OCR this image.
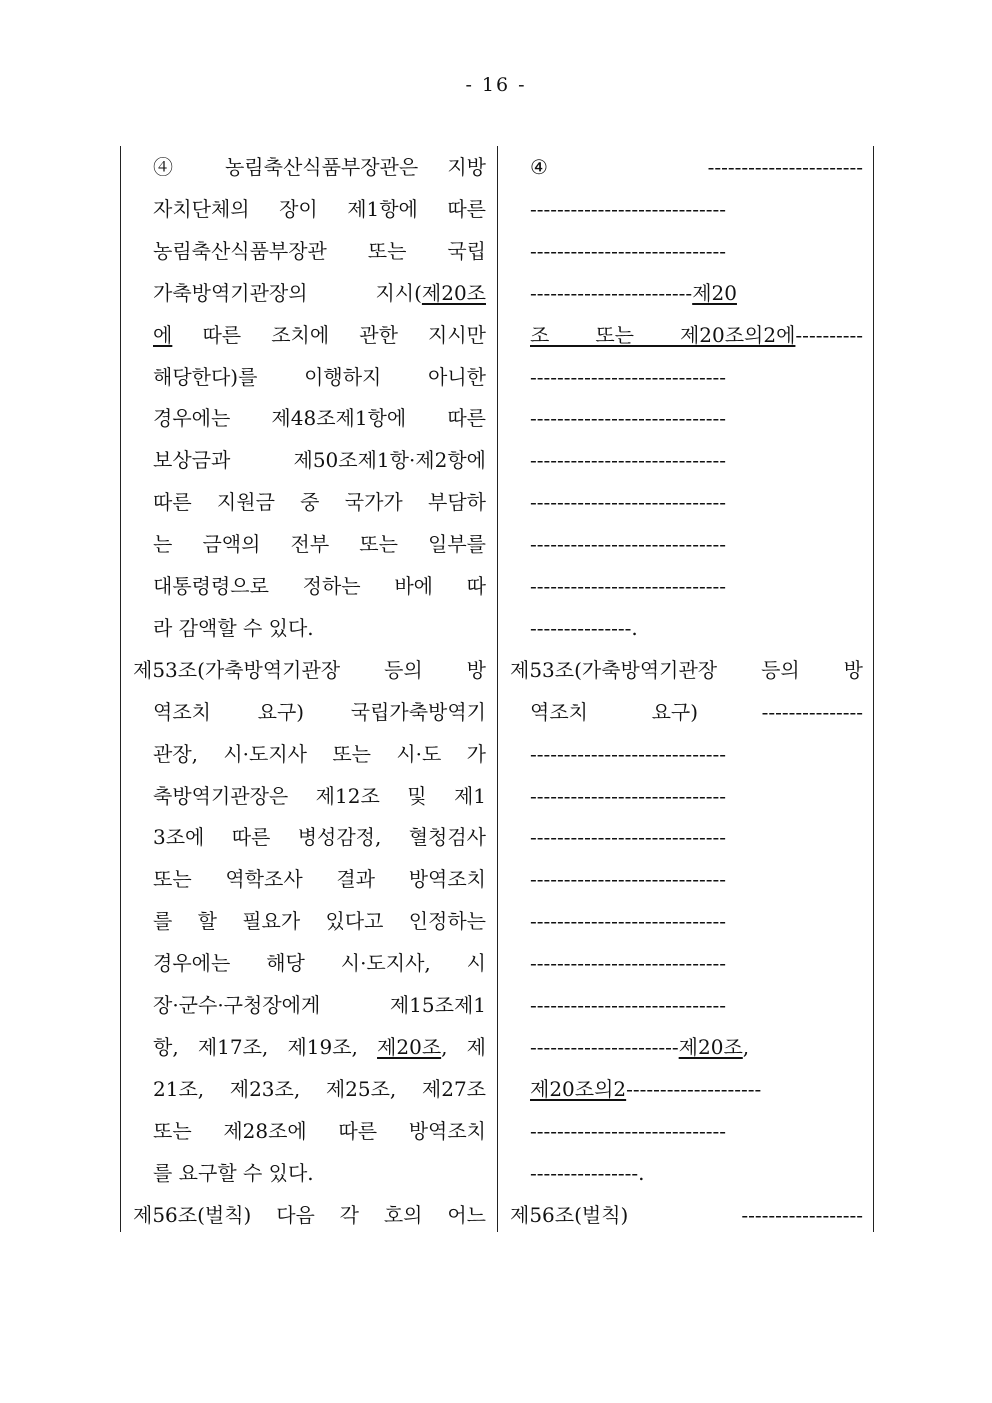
- 16 -
④ 농림축산식품부장관은 지방
자치단체의 장이 제1항에 따른
농림축산식품부장관 또는 국립
가축방역기관장의 지시(제20조
에 따른 조치에 관한 지시만
해당한다)를 이행하지 아니한
경우에는 제48조제1항에 따른
보상금과 제50조제1항·제2항에
따른 지원금 중 국가가 부담하
는 금액의 전부 또는 일부를
대통령령으로 정하는 바에 따
라 감액할 수 있다.
제53조(가축방역기관장 등의 방
역조치 요구) 국립가축방역기
관장, 시·도지사 또는 시·도 가
축방역기관장은 제12조 및 제1
3조에 따른 병성감정, 혈청검사
또는 역학조사 결과 방역조치
를 할 필요가 있다고 인정하는
경우에는 해당 시·도지사, 시
장·군수·구청장에게 제15조제1
항, 제17조, 제19조, 제20조, 제
21조, 제23조, 제25조, 제27조
또는 제28조에 따른 방역조치
를 요구할 수 있다.
제56조(벌칙) 다음 각 호의 어느
④ -----------------------
-----------------------------
-----------------------------
------------------------제20
조 또는 제20조의2에----------
-----------------------------
-----------------------------
-----------------------------
-----------------------------
-----------------------------
-----------------------------
---------------.
제53조(가축방역기관장 등의 방
역조치 요구) ---------------
-----------------------------
-----------------------------
-----------------------------
-----------------------------
-----------------------------
-----------------------------
-----------------------------
----------------------제20조,
제20조의2--------------------
-----------------------------
----------------.
제56조(벌칙) ------------------
